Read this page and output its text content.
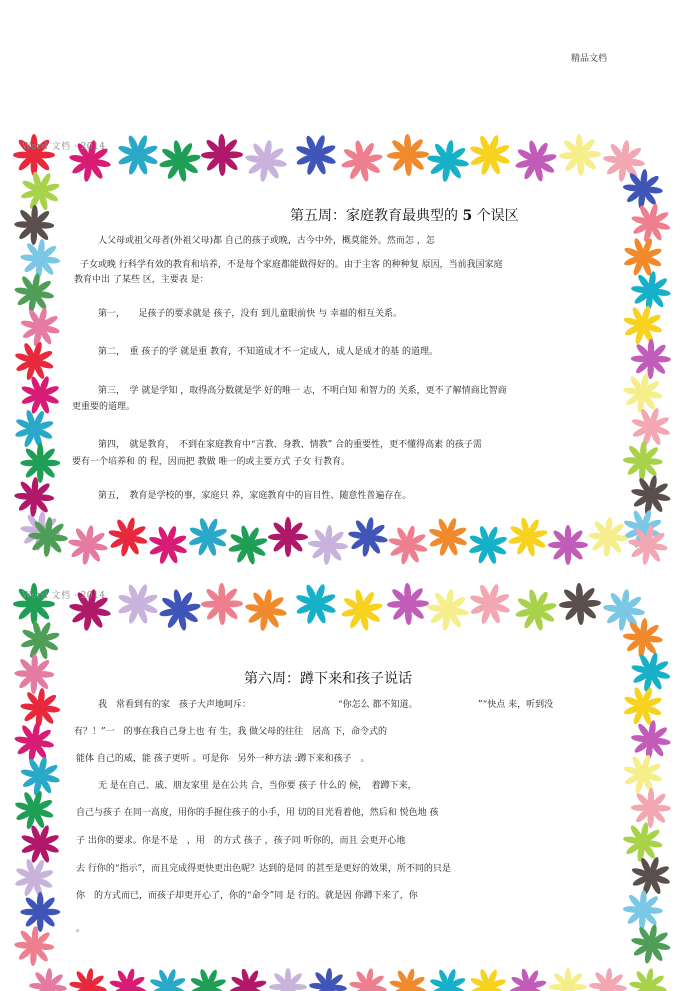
精品文档
Word 文档 · 2014
第五周：家庭教育最典型的 5 个误区
人父母或祖父母者(外祖父母)都 自己的孩子或晚，古今中外，概莫能外。然而怎 ，怎
子女或晚 行科学有效的教育和培养，不是每个家庭都能做得好的。由于主客 的种种复 原因，当前我国家庭
教育中出 了某些 区，主要表 是：
第一，　　足孩子的要求就是 孩子，没有 到儿童眼前快 与 幸福的相互关系。
第二，　重 孩子的学 就是重 教育，不知道成才不一定成人，成人是成才的基 的道理。
第三，　学 就是学知 ，取得高分数就是学 好的唯一 志，不明白知 和智力的 关系，更不了解情商比智商
更重要的道理。
第四，　就是教育，　不到在家庭教育中“言教、身教、情教” 合的重要性，更不懂得高素 的孩子需
要有一个培养和 的 程，因而把 教做 唯一的或主要方式 子女 行教育。
第五，　教育是学校的事，家庭只 养，家庭教育中的盲目性、随意性普遍存在。
Word 文档 · 2014
第六周：蹲下来和孩子说话
我　常看到有的家　孩子大声地呵斥：	“你怎么 都不知道。	”“快点 来，听到没
有？！”一　的事在我自己身上也 有 生，我 做父母的往往　居高 下，命令式的
能体 自己的威，能 孩子更听 。可是你　另外一种方法 :蹲下来和孩子　。
无 是在自己、戚、朋友家里 是在公共 合，当你要 孩子 什么的 候，　着蹲下来，
自己与孩子 在同一高度，用你的手握住孩子的小手，用 切的目光看着他，然后和 悦色地 孩
子 出你的要求。你是不是　，用　的方式 孩子 ，孩子同 听你的，而且 会更开心地
去 行你的“指示”，而且完成得更快更出色呢？达到的是同 的甚至是更好的效果，所不同的只是
你　的方式而已，而孩子却更开心了，你的“命令”同 是 行的。就是因 你蹲下来了，你
。
